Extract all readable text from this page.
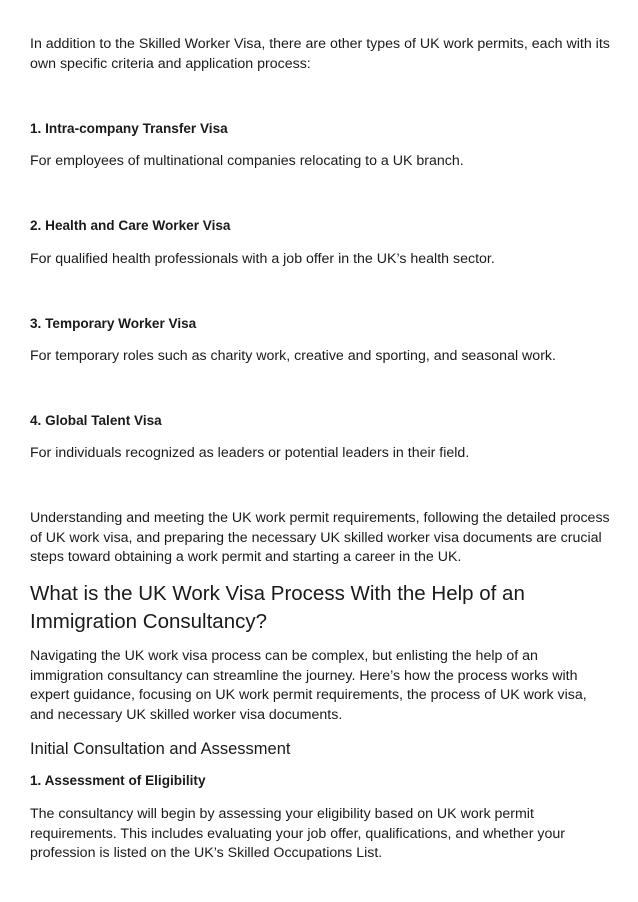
In addition to the Skilled Worker Visa, there are other types of UK work permits, each with its own specific criteria and application process:

1. Intra-company Transfer Visa

For employees of multinational companies relocating to a UK branch.

2. Health and Care Worker Visa

For qualified health professionals with a job offer in the UK’s health sector.

3. Temporary Worker Visa

For temporary roles such as charity work, creative and sporting, and seasonal work.

4. Global Talent Visa

For individuals recognized as leaders or potential leaders in their field.

Understanding and meeting the UK work permit requirements, following the detailed process of UK work visa, and preparing the necessary UK skilled worker visa documents are crucial steps toward obtaining a work permit and starting a career in the UK.

What is the UK Work Visa Process With the Help of an Immigration Consultancy?

Navigating the UK work visa process can be complex, but enlisting the help of an immigration consultancy can streamline the journey. Here’s how the process works with expert guidance, focusing on UK work permit requirements, the process of UK work visa, and necessary UK skilled worker visa documents.

Initial Consultation and Assessment
1. Assessment of Eligibility

The consultancy will begin by assessing your eligibility based on UK work permit requirements. This includes evaluating your job offer, qualifications, and whether your profession is listed on the UK’s Skilled Occupations List.
